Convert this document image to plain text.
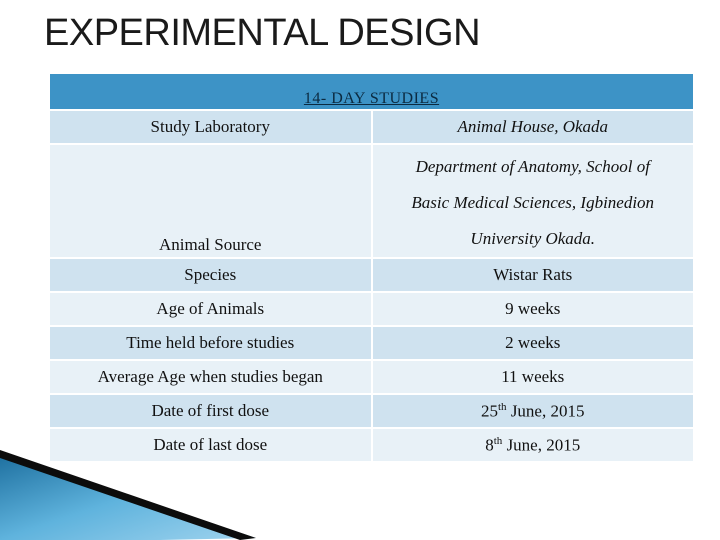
EXPERIMENTAL DESIGN
14- DAY STUDIES	
Study Laboratory	Animal House, Okada
Animal Source	Department of Anatomy, School of
Basic Medical Sciences, Igbinedion
University Okada.

Species	Wistar Rats
Age of Animals	9 weeks
Time held before studies	2 weeks
Average Age when studies began	11 weeks
Date of first dose	25th June, 2015
Date of last dose	8th June, 2015
